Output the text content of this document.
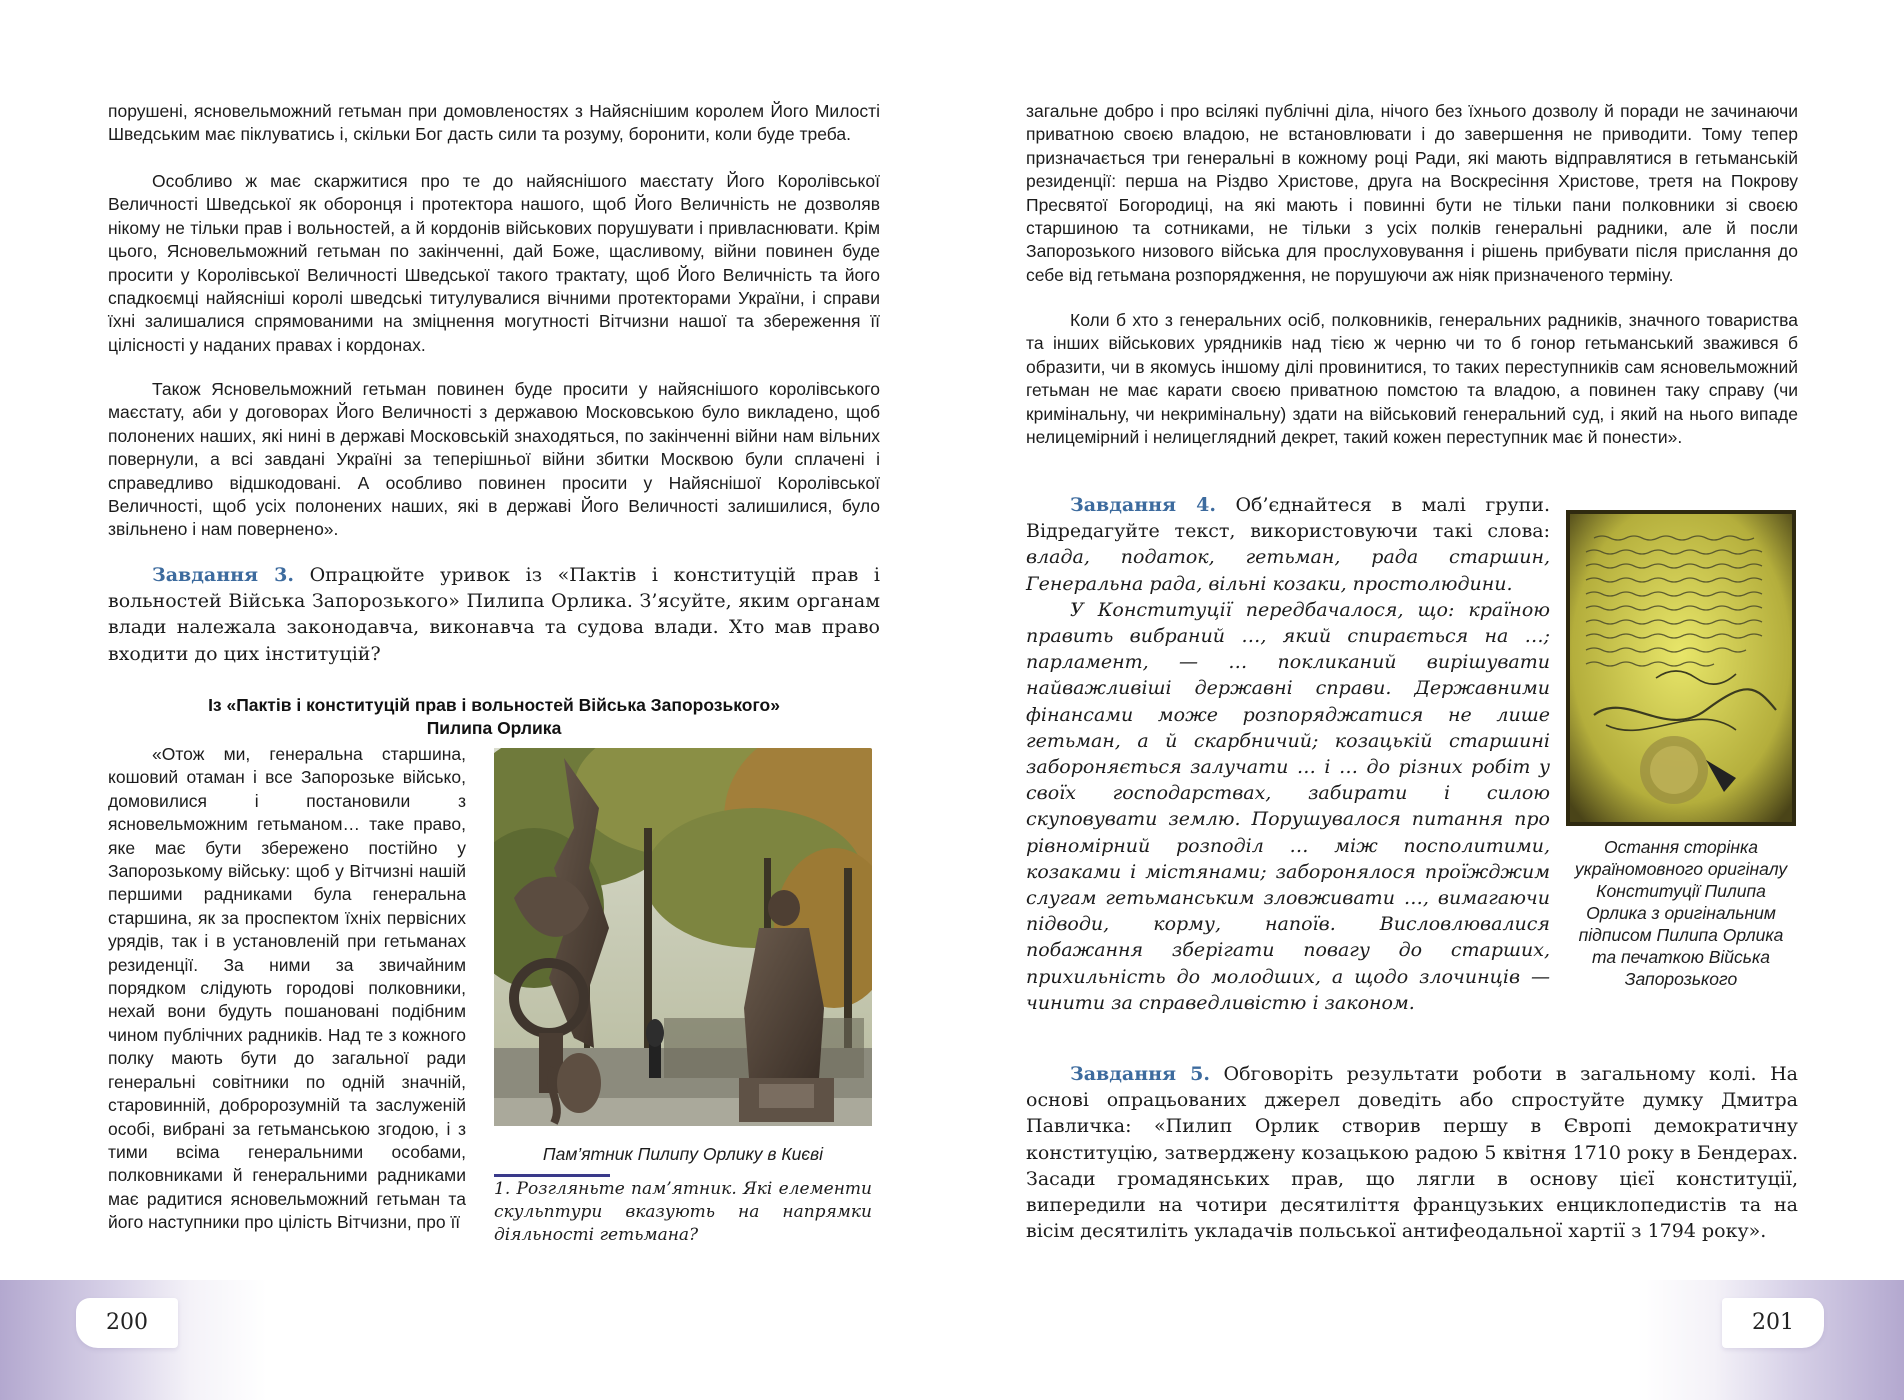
порушені, ясновельможний гетьман при домовленостях з Найяснішим королем Його Милості Шведським має піклуватись і, скільки Бог дасть сили та розуму, боронити, коли буде треба.

Особливо ж має скаржитися про те до найяснішого маєстату Його Королівської Величності Шведської як оборонця і протектора нашого, щоб Його Величність не дозволяв нікому не тільки прав і вольностей, а й кордонів військових порушувати і привласнювати. Крім цього, Ясновельможний гетьман по закінченні, дай Боже, щасливому, війни повинен буде просити у Королівської Величності Шведської такого трактату, щоб Його Величність та його спадкоємці найясніші королі шведські титулувалися вічними протекторами України, і справи їхні залишалися спрямованими на зміцнення могутності Вітчизни нашої та збереження її цілісності у наданих правах і кордонах.

Також Ясновельможний гетьман повинен буде просити у найяснішого королівського маєстату, аби у договорах Його Величності з державою Московською було викладено, щоб полонених наших, які нині в державі Московській знаходяться, по закінченні війни нам вільних повернули, а всі завдані Україні за теперішньої війни збитки Москвою були сплачені і справедливо відшкодовані. А особливо повинен просити у Найяснішої Королівської Величності, щоб усіх полонених наших, які в державі Його Величності залишилися, було звільнено і нам повернено».

Завдання 3. Опрацюйте уривок із «Пактів і конституцій прав і вольностей Війська Запорозького» Пилипа Орлика. З’ясуйте, яким органам влади належала законодавча, виконавча та судова влади. Хто мав право входити до цих інституцій?

Із «Пактів і конституцій прав і вольностей Війська Запорозького»
Пилипа Орлика

«Отож ми, генеральна старшина, кошовий отаман і все Запорозьке військо, домовилися і постановили з ясновельможним гетьманом… таке право, яке має бути збережено постійно у Запорозькому війську: щоб у Вітчизні нашій першими радниками була генеральна старшина, як за проспектом їхніх первісних урядів, так і в установленій при гетьманах резиденції. За ними за звичайним порядком слідують городові полковники, нехай вони будуть пошановані подібним чином публічних радників. Над те з кожного полку мають бути до загальної ради генеральні совітники по одній значній, старовинній, добророзумній та заслуженій особі, вибрані за гетьманською згодою, і з тими всіма генеральними особами, полковниками й генеральними радниками має радитися ясновельможний гетьман та його наступники про цілість Вітчизни, про її

Пам’ятник Пилипу Орлику в Києві

1. Розгляньте пам’ятник. Які елементи скульптури вказують на напрямки діяльності гетьмана?

200

загальне добро і про всілякі публічні діла, нічого без їхнього дозволу й поради не зачинаючи приватною своєю владою, не встановлювати і до завершення не приводити. Тому тепер призначається три генеральні в кожному році Ради, які мають відправлятися в гетьманській резиденції: перша на Різдво Христове, друга на Воскресіння Христове, третя на Покрову Пресвятої Богородиці, на які мають і повинні бути не тільки пани полковники зі своєю старшиною та сотниками, не тільки з усіх полків генеральні радники, але й посли Запорозького низового війська для прослуховування і рішень прибувати після прислання до себе від гетьмана розпорядження, не порушуючи аж ніяк призначеного терміну.

Коли б хто з генеральних осіб, полковників, генеральних радників, значного товариства та інших військових урядників над тією ж черню чи то б гонор гетьманський зважився б образити, чи в якомусь іншому ділі провинитися, то таких переступників сам ясновельможний гетьман не має карати своєю приватною помстою та владою, а повинен таку справу (чи кримінальну, чи некримінальну) здати на військовий генеральний суд, і який на нього випаде нелицемірний і нелицеглядний декрет, такий кожен переступник має й понести».

Завдання 4. Об’єднайтеся в малі групи. Відредагуйте текст, використовуючи такі слова: влада, податок, гетьман, рада старшин, Генеральна рада, вільні козаки, простолюдини.

У Конституції передбачалося, що: країною править вибраний …, який спирається на …; парламент, — … покликаний вирішувати найважливіші державні справи. Державними фінансами може розпоряджатися не лише гетьман, а й скарбничий; козацькій старшині забороняється залучати … і … до різних робіт у своїх господарствах, забирати і силою скуповувати землю. Порушувалося питання про рівномірний розподіл … між посполитими, козаками і містянами; заборонялося проїжджим слугам гетьманським зловживати …, вимагаючи підводи, корму, напоїв. Висловлювалися побажання зберігати повагу до старших, прихильність до молодших, а щодо злочинців — чинити за справедливістю і законом.

Остання сторінка україномовного оригіналу Конституції Пилипа Орлика з оригінальним підписом Пилипа Орлика та печаткою Війська Запорозького

Завдання 5. Обговоріть результати роботи в загальному колі. На основі опрацьованих джерел доведіть або спростуйте думку Дмитра Павличка: «Пилип Орлик створив першу в Європі демократичну конституцію, затверджену козацькою радою 5 квітня 1710 року в Бендерах. Засади громадянських прав, що лягли в основу цієї конституції, випередили на чотири десятиліття французьких енциклопедистів та на вісім десятиліть укладачів польської антифеодальної хартії з 1794 року».

201
